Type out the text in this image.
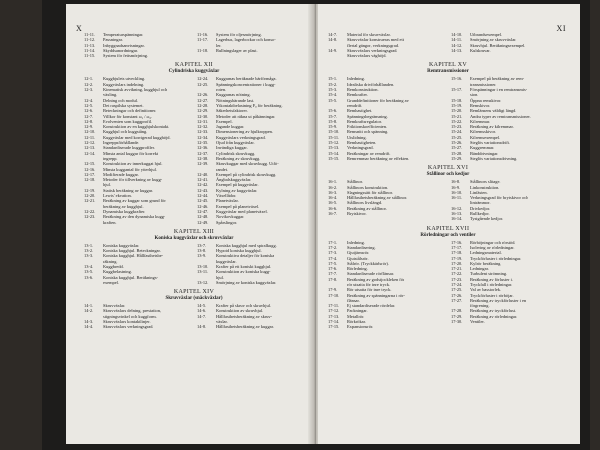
X
11-11.	Temperaturspänningar.
11-12.	Passningar.
11-13.	Inbyggnadsanvisningar.
11-14.	Skyddsanordningar.
11-15.	System för fettsmörjning.
11-16.	System för oljesmörjning.
11-17.	Lagerhus, lagerbockar och konso-
ler.
11-18.	Rullningslager av plast.
KAPITEL XII
Cylindriska kuggväxlar
12-1.	Kuggbjulets utveckling.
12-2.	Kuggväxlars indelning.
12-3.	Kinematisk avvikning, kugghjul och
växling.
12-4.	Delning och modul.
12-5.	Det raspilska systemet.
12-6.	Beteckningar och definitioner.
12-7.	Villkor för konstant ω₁ / ω₂.
12-8.	Evolventen som kuggprofil.
12-9.	Konstruktion av en kugghjulskontakt.
12-10.	Kugghjul och kuggstång.
12-11.	Kuggväxlar med korrigerad kugghöjd.
12-12.	Ingreppsförhållande.
12-13.	Standardiserade kuggprofiler.
12-14.	Minsta antal kuggar för korrekt
ingrepp.
12-15.	Konstruktion av innerkuggat hjul.
12-16.	Minsta kuggantal för ytterhjul.
12-17.	Modifierade kuggar.
12-18.	Metoder för tillverkning av kugg-
hjul.
12-19.	Statisk beräkning av kuggar.
12-20.	Lewis' ekvation.
12-21.	Beräkning av kuggar som grund för
beräkning av kugghjul.
12-22.	Dynamiska kuggkrafter.
12-23.	Beräkning av den dynamiska kugg-
kraften.
12-24.	Kuggarnas beräknade bärförmåga.
12-25.	Spänningskoncentrationer i kugg-
roten.
12-26.	Kuggarnas nötning.
12-27.	Nötningsbärande last.
12-28.	Ytkontaktbelastning Fᵤ för beräkning.
12-29.	Säkerhetsfaktorer.
12-30.	Metoder att räkna ut påkänningar.
12-31.	Exempel.
12-32.	Jagande kuggar.
12-33.	Dimensionering av hjulkroppen.
12-34.	Kuggväxlars verkningsgrad.
12-35.	Ojud från kuggväxlar.
12-36.	Invändiga kuggar.
12-37.	Cylindrisk skruvkugg.
12-38.	Beräkning av skruvkugg.
12-39.	Skruvkuggar med skruvkugg. Utfö-
randet.
12-40.	Exempel på cylindrisk skruvkugg.
12-41.	Ängbalskuggväxlar.
12-42.	Exempel på kuggväxlar.
12-43.	Kylning av kuggväxlar.
12-44.	Växellådor.
12-45.	Planetväxlar.
12-46.	Exempel på planetväxel.
12-47.	Kuggväxlar med planetväxel.
12-48.	Novikovkuggar.
12-49.	Spårslingor.
KAPITEL XIII
Koniska kuggväxlar och skruvväxlar
13-1.	Koniska kuggväxlar.
13-2.	Koniska kugghjul. Beteckningar.
13-3.	Koniska kugghjul. Hållfasthetsbe-
räkning.
13-4.	Kuggbredd.
13-5.	Kuggbelastning.
13-6.	Koniska kugghjul. Beräknings-
exempel.
13-7.	Koniska kugghjul med spiralkugg.
13-8.	Hypoid koniska kugghjul.
13-9.	Konstruktiva detaljer för koniska
kuggväxlar.
13-10.	Krafter på ett koniskt kugghjul.
13-11.	Konstruktion av koniska kugg-
hjul.
13-12.	Smörjning av koniska kuggväxlar.
KAPITEL XIV
Skruvväxlar (snäckväxlar)
14-1.	Skruvväxlar.
14-2.	Skruvväxlars delning, prestation,
stigningsvinkel och kuggform.
14-3.	Skruvväxlars kontaktlinjer.
14-4.	Skruvväxlars verkningsgrad.
14-5.	Krafter på skruv och skruvhjul.
14-6.	Konstruktion av skruvhjul.
14-7.	Hållfasthetsberäkning av skruv-
växlar.
14-8.	Hållfasthetsberäkning av kuggar.
XI
14-7.	Material för skruvväxlar.
14-8.	Skruvväxlar konstrueras med ett
flertal gängor, verkningsgrad.
14-9.	Skruvväxlars verkningsgrad.
Skruvväxlars väghöjd.
14-10.	Utbrandsexempel.
14-11.	Smörjning av skruvväxlar.
14-12.	Skruvhjul. Beräkningsexempel.
14-13.	Kulskruvar.
KAPITEL XV
Remtransmissioner
15-1.	Inledning.
15-2.	Idealiska drivförhållanden.
15-3.	Remkonstruktion.
15-4.	Remkrafter.
15-5.	Grunddefinitioner för beräkning av
remdrift.
15-6.	Remhastighet.
15-7.	Spänningsbegränsning.
15-8.	Remkraftsregulator.
15-9.	Friktionskoefficienten.
15-10.	Remsnitt och spänning.
15-11.	Utslidning.
15-12.	Remhastigheten.
15-13.	Verkningsgrad.
15-14.	Beräkningar av remdrift.
15-15.	Remremmar beräkning av effekten.
15-16.	Exempel på beräkning av rem-
transmissioner.
15-17.	Förspänningar i en remtransmis-
sion.
15-18.	Öppna remskivor.
15-19.	Remskivor.
15-20.	Remlänsens väldigt längd.
15-21.	Andra typer av remtransmissioner.
15-22.	Kilremmar.
15-23.	Beräkning av kilremmar.
15-24.	Kilremsskivor.
15-25.	Kilremsexempel.
15-26.	Steglös variationsdrift.
15-27.	Kuggremmar.
15-28.	Bänddrivningar.
15-29.	Steglös variationsdrivning.
KAPITEL XVI
Stållinor och kedjor
16-1.	Stållinor.
16-2.	Stållinors konstruktion.
16-3.	Slagningssätt för stållinor.
16-4.	Hållfasthetsberäkning av stållinor.
16-5.	Stållinors livslängd.
16-6.	Beräkning av stållinor.
16-7.	Brytskivor.
16-8.	Stållinors slitage.
16-9.	Linkonstruktion.
16-10.	Linfästen.
16-11.	Verkningsgrad för brytskivor och
linträmmor.
16-12.	Drivkedjor.
16-13.	Rullkedjor.
16-14.	Tystgående kedjor.
KAPITEL XVII
Rörledningar och ventiler
17-1.	Inledning.
17-2.	Standardisering.
17-3.	Gjutjärnsrör.
17-4.	Gjutstålsrör.
17-5.	Stålrör. (Tryckkärlsrör).
17-6.	Rörledning.
17-7.	Standardiserade rörflänsar.
17-8.	Beräkning av godstjockleken för
rör utsatta för inre tryck.
17-9.	Rör utsatta för inre tryck.
17-10.	Beräkning av spänningarna i rör-
flänsar.
17-11.	Ej standardiserade rördelar.
17-12.	Packningar.
17-13.	Metallrör.
17-14.	Rörkrökar.
17-15.	Expansionsrör.
17-16.	Rörböjningar och rörstöd.
17-17.	Isolering av rörledningar.
17-18.	Ledningsmaterial.
17-19.	Tryckförluster i rörledningar.
17-20.	Kylrör beräkning.
17-21.	Ledningar.
17-22.	Turbulent strömning.
17-23.	Beräkning av förluster i.
17-24.	Tryckfall i rörledningar.
17-25.	Val av basstorlek.
17-26.	Tryckförluster i rörböjar.
17-27.	Beräkning av tryckförluster i en
förgrening.
17-28.	Beräkning av tryckförlust.
17-29.	Beräkning av rörledningar.
17-30.	Ventiler.
